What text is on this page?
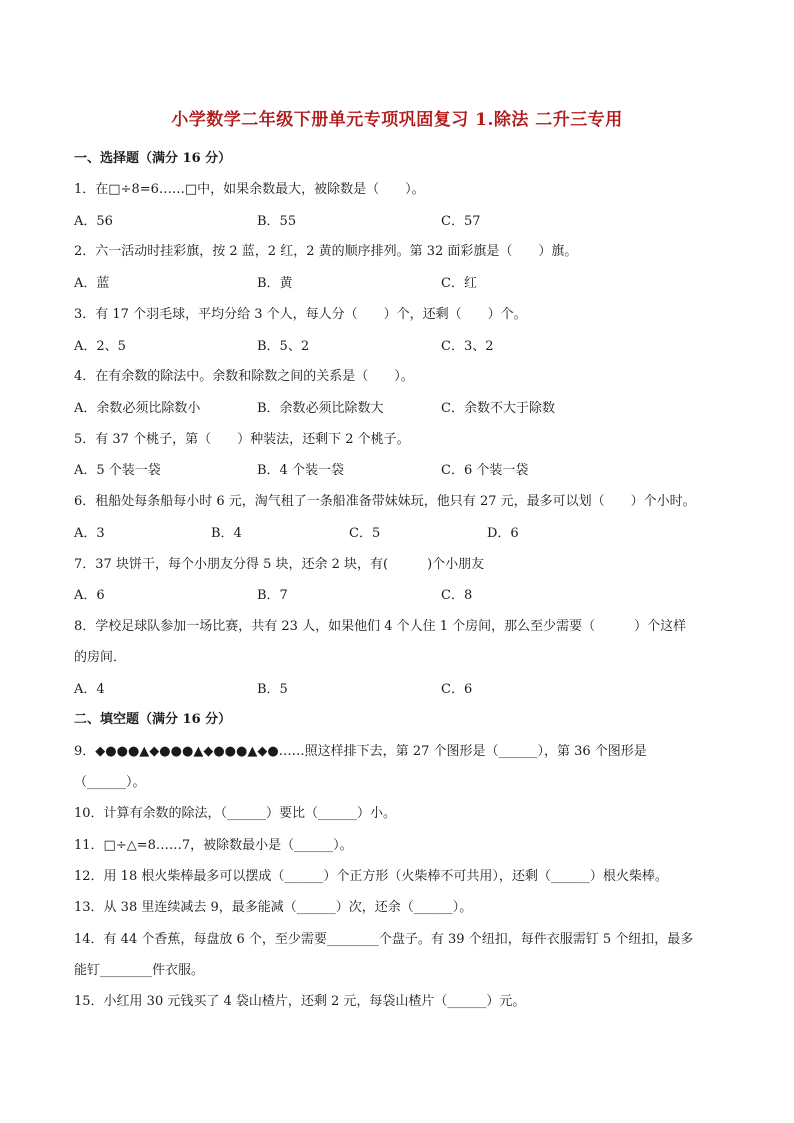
小学数学二年级下册单元专项巩固复习 1.除法 二升三专用
一、选择题（满分 16 分）
1．在□÷8=6……□中，如果余数最大，被除数是（　　）。
A．56	B．55	C．57
2．六一活动时挂彩旗，按 2 蓝，2 红，2 黄的顺序排列。第 32 面彩旗是（　　）旗。
A．蓝	B．黄	C．红
3．有 17 个羽毛球，平均分给 3 个人，每人分（　　）个，还剩（　　）个。
A．2、5	B．5、2	C．3、2
4．在有余数的除法中。余数和除数之间的关系是（　　）。
A．余数必须比除数小	B．余数必须比除数大	C．余数不大于除数
5．有 37 个桃子，第（　　）种装法，还剩下 2 个桃子。
A．5 个装一袋	B．4 个装一袋	C．6 个装一袋
6．租船处每条船每小时 6 元，淘气租了一条船准备带妹妹玩，他只有 27 元，最多可以划（　　）个小时。
A．3	B．4	C．5	D．6
7．37 块饼干，每个小朋友分得 5 块，还余 2 块，有(　　　)个小朋友
A．6	B．7	C．8
8．学校足球队参加一场比赛，共有 23 人，如果他们 4 个人住 1 个房间，那么至少需要（　　　）个这样
的房间．
A．4	B．5	C．6
二、填空题（满分 16 分）
9．◆●●●▲◆●●●▲◆●●●▲◆●……照这样排下去，第 27 个图形是（______），第 36 个图形是
（______）。
10．计算有余数的除法，（______）要比（______）小。
11．□÷△=8……7，被除数最小是（______）。
12．用 18 根火柴棒最多可以摆成（______）个正方形（火柴棒不可共用），还剩（______）根火柴棒。
13．从 38 里连续减去 9，最多能减（______）次，还余（______）。
14．有 44 个香蕉，每盘放 6 个，至少需要________个盘子。有 39 个纽扣，每件衣服需钉 5 个纽扣，最多
能钉________件衣服。
15．小红用 30 元钱买了 4 袋山楂片，还剩 2 元，每袋山楂片（______）元。
